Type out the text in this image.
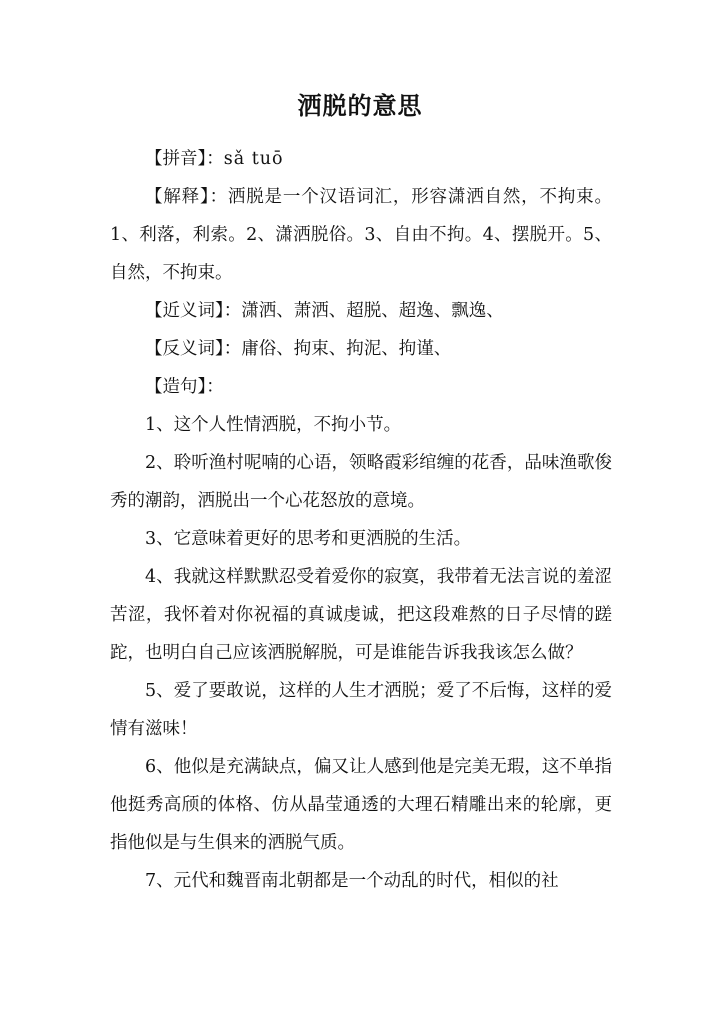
洒脱的意思

【拼音】：sǎ tuō

【解释】：洒脱是一个汉语词汇，形容潇洒自然，不拘束。1、利落，利索。2、潇洒脱俗。3、自由不拘。4、摆脱开。5、自然，不拘束。

【近义词】：潇洒、萧洒、超脱、超逸、飘逸、

【反义词】：庸俗、拘束、拘泥、拘谨、

【造句】：

1、这个人性情洒脱，不拘小节。

2、聆听渔村呢喃的心语，领略霞彩绾缠的花香，品味渔歌俊秀的潮韵，洒脱出一个心花怒放的意境。

3、它意味着更好的思考和更洒脱的生活。

4、我就这样默默忍受着爱你的寂寞，我带着无法言说的羞涩苦涩，我怀着对你祝福的真诚虔诚，把这段难熬的日子尽情的蹉跎，也明白自己应该洒脱解脱，可是谁能告诉我我该怎么做？

5、爱了要敢说，这样的人生才洒脱；爱了不后悔，这样的爱情有滋味！

6、他似是充满缺点，偏又让人感到他是完美无瑕，这不单指他挺秀高颀的体格、仿从晶莹通透的大理石精雕出来的轮廓，更指他似是与生俱来的洒脱气质。

7、元代和魏晋南北朝都是一个动乱的时代，相似的社
